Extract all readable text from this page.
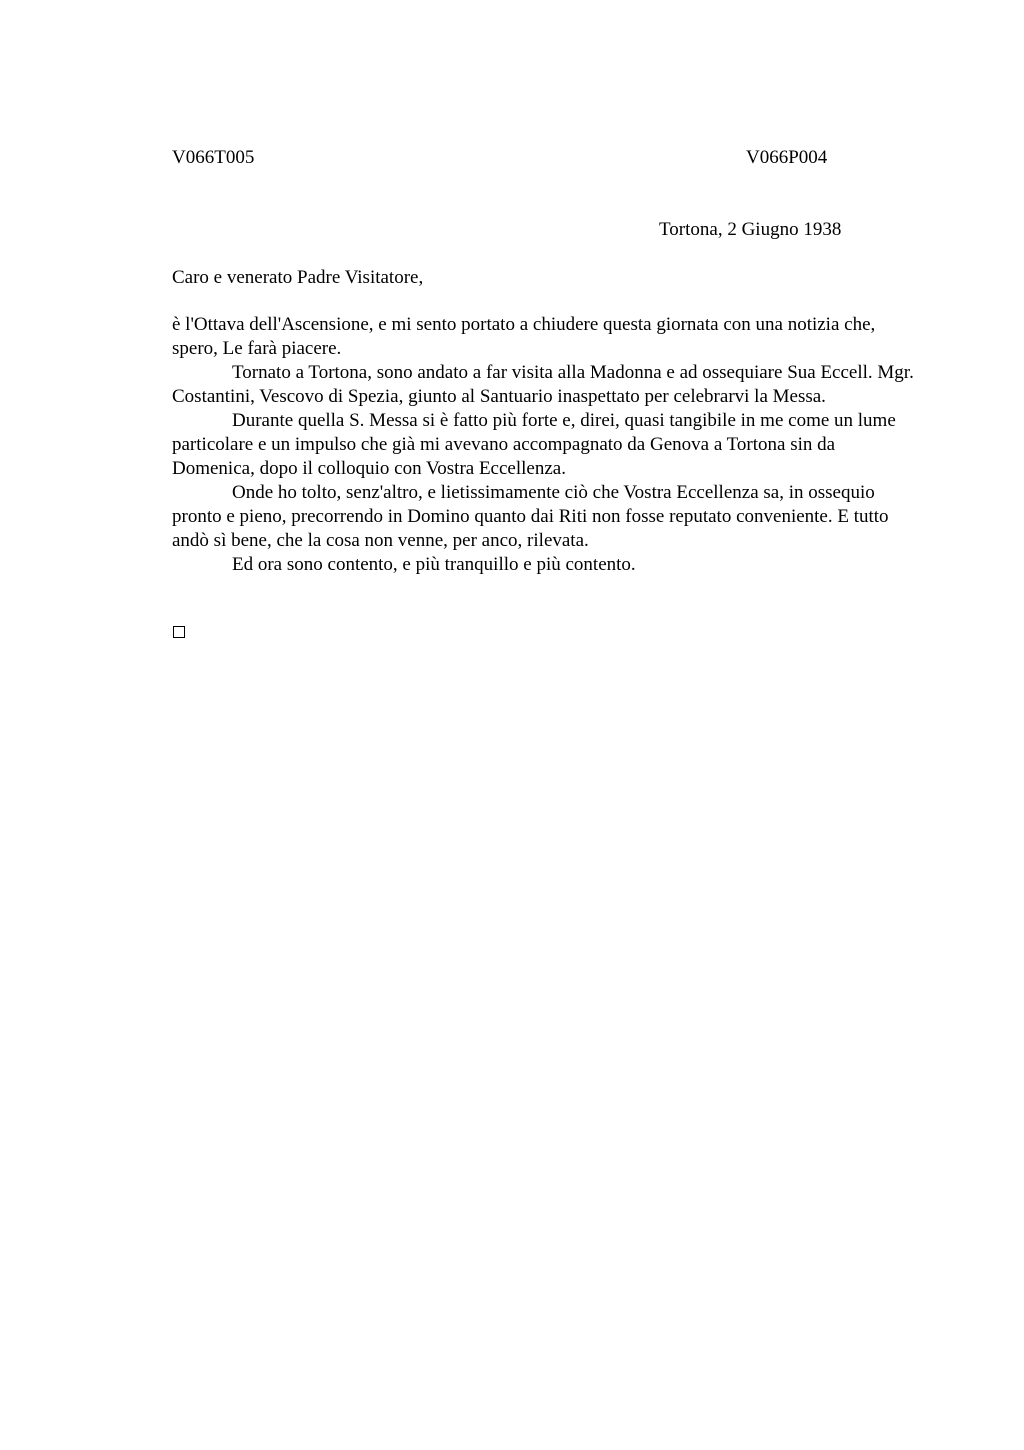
V066T005	V066P004
Tortona, 2 Giugno 1938
Caro e venerato Padre Visitatore,

è l'Ottava dell'Ascensione, e mi sento portato a chiudere questa giornata con una notizia che, spero, Le farà piacere.

Tornato a Tortona, sono andato a far visita alla Madonna e ad ossequiare Sua Eccell. Mgr. Costantini, Vescovo di Spezia, giunto al Santuario inaspettato per celebrarvi la Messa.

Durante quella S. Messa si è fatto più forte e, direi, quasi tangibile in me come un lume particolare e un impulso che già mi avevano accompagnato da Genova a Tortona sin da Domenica, dopo il colloquio con Vostra Eccellenza.

Onde ho tolto, senz'altro, e lietissimamente ciò che Vostra Eccellenza sa, in ossequio pronto e pieno, precorrendo in Domino quanto dai Riti non fosse reputato conveniente. E tutto andò sì bene, che la cosa non venne, per anco, rilevata.

Ed ora sono contento, e più tranquillo e più contento.
